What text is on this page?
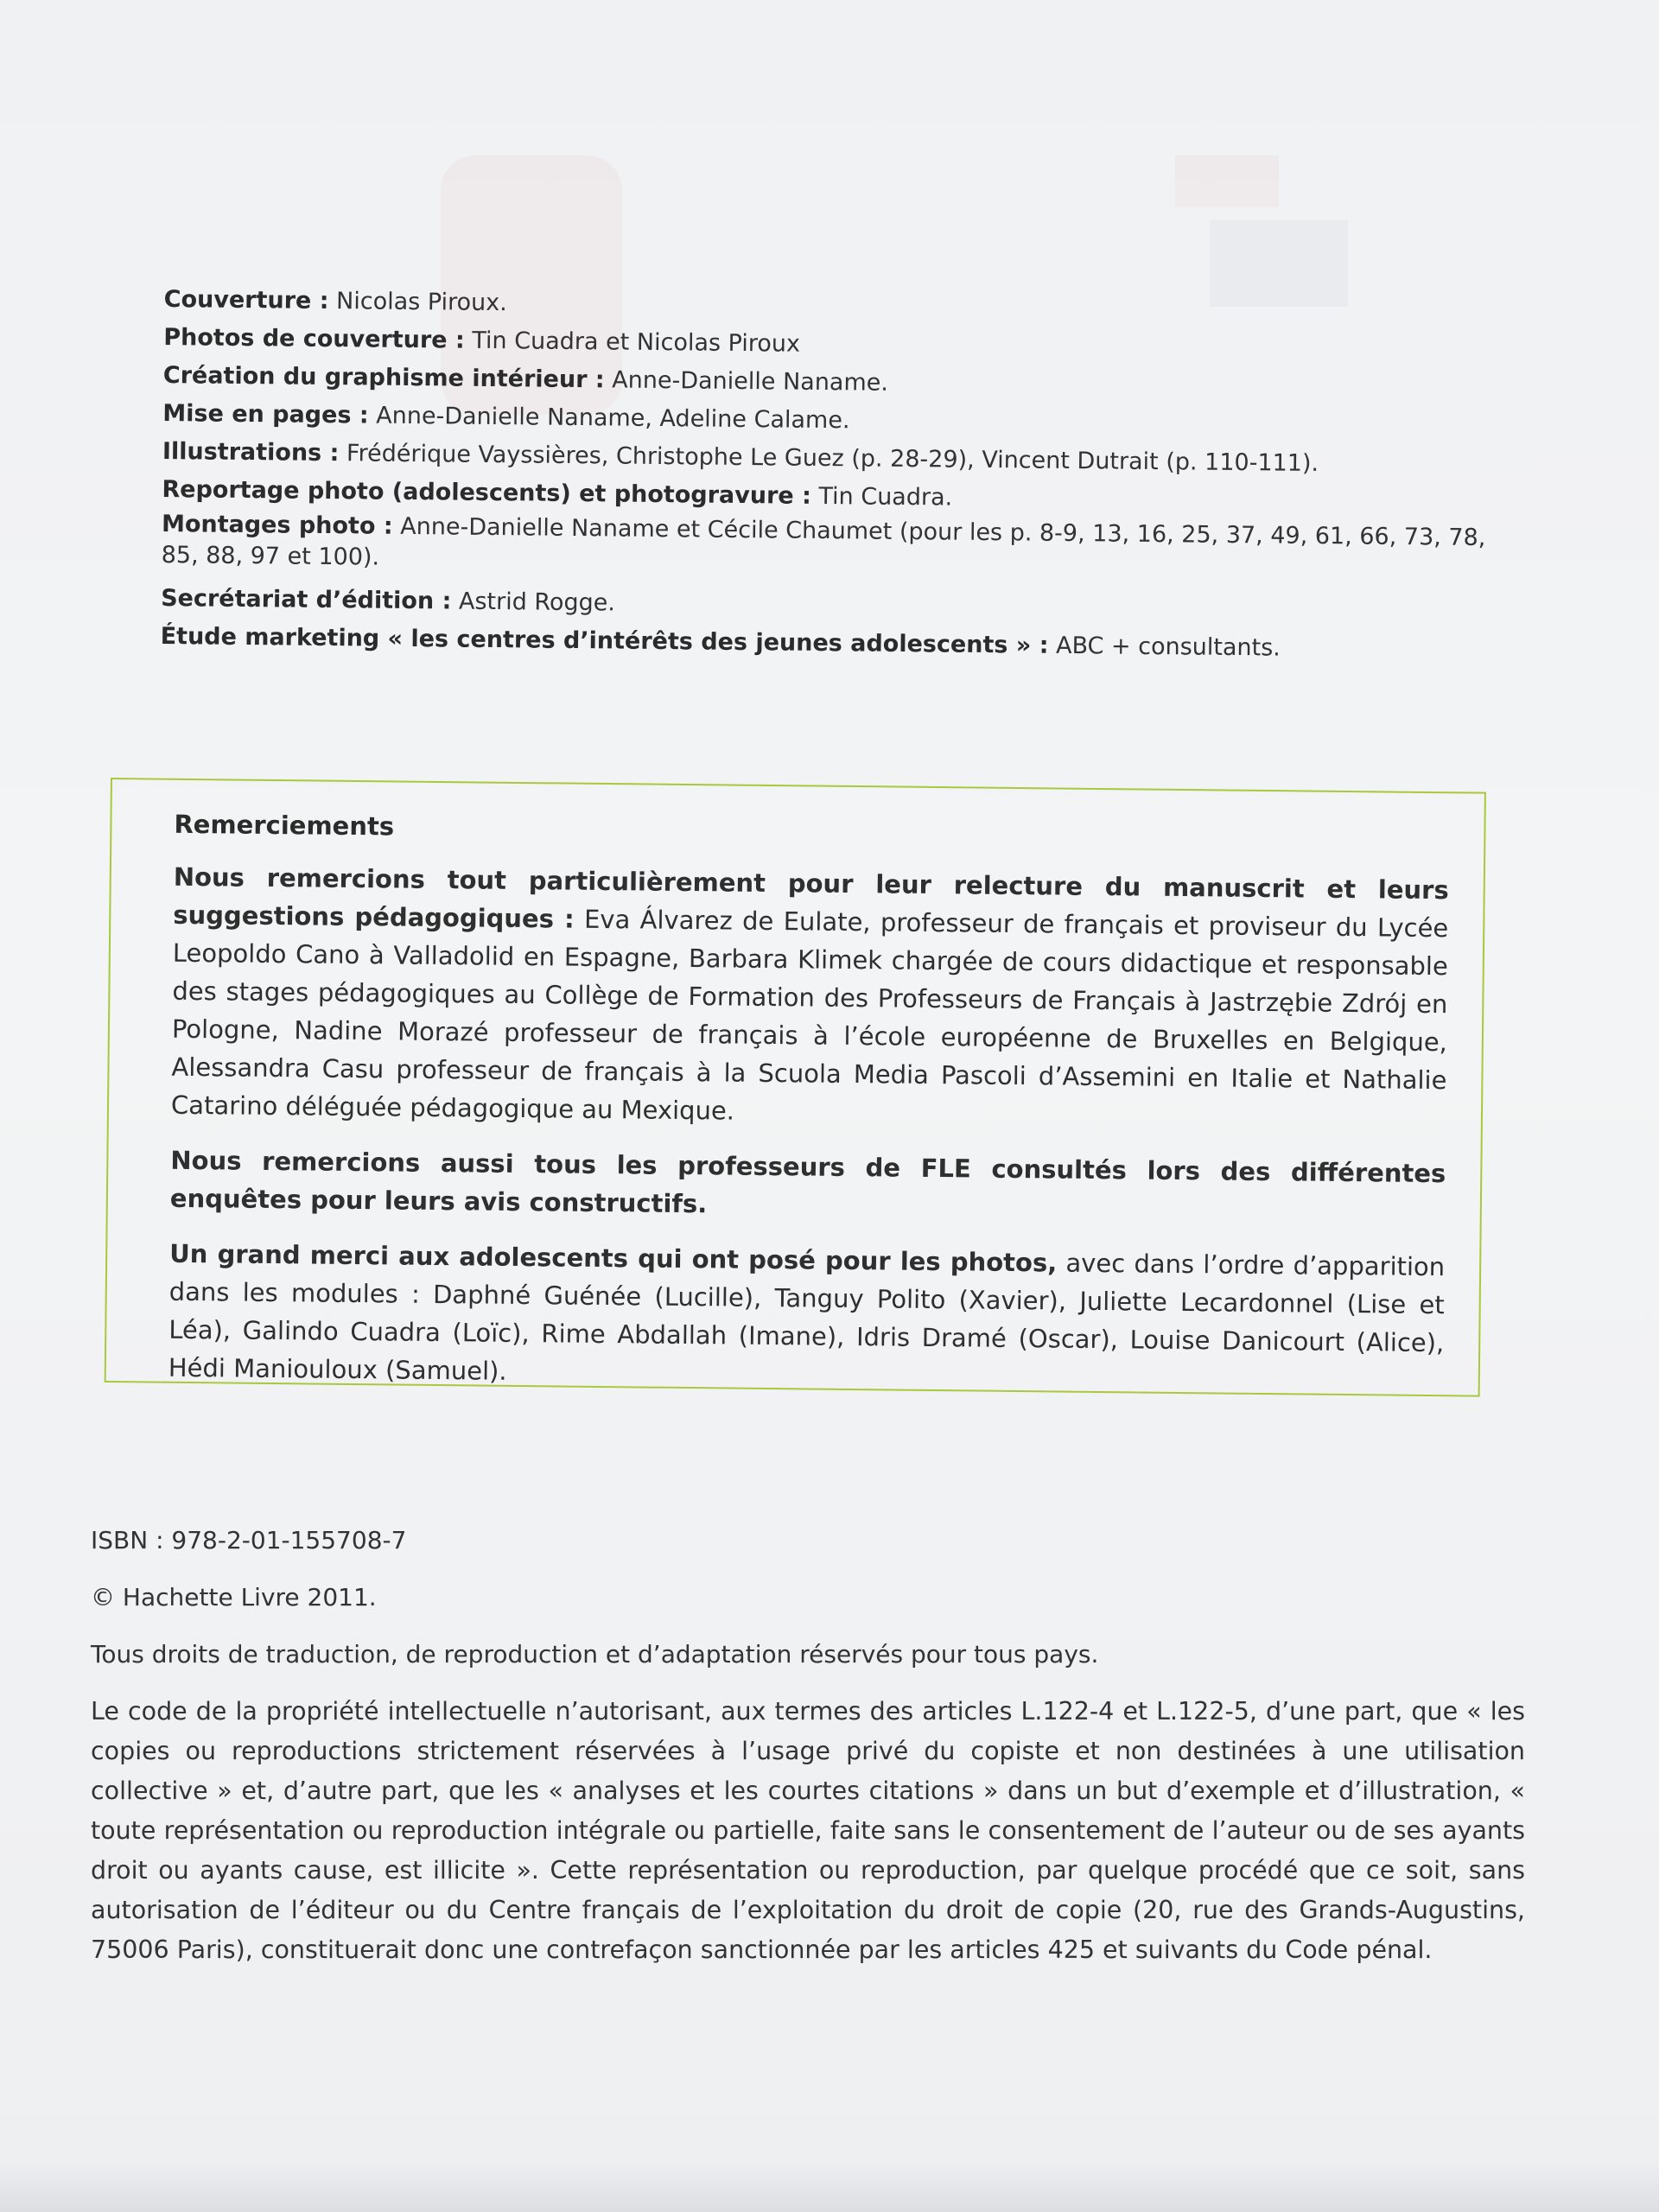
Couverture : Nicolas Piroux.
Photos de couverture : Tin Cuadra et Nicolas Piroux
Création du graphisme intérieur : Anne-Danielle Naname.
Mise en pages : Anne-Danielle Naname, Adeline Calame.
Illustrations : Frédérique Vayssières, Christophe Le Guez (p. 28-29), Vincent Dutrait (p. 110-111).
Reportage photo (adolescents) et photogravure : Tin Cuadra.
Montages photo : Anne-Danielle Naname et Cécile Chaumet (pour les p. 8-9, 13, 16, 25, 37, 49, 61, 66, 73, 78, 85, 88, 97 et 100).
Secrétariat d’édition : Astrid Rogge.
Étude marketing « les centres d’intérêts des jeunes adolescents » : ABC + consultants.
Remerciements

Nous remercions tout particulièrement pour leur relecture du manuscrit et leurs suggestions pédagogiques : Eva Álvarez de Eulate, professeur de français et proviseur du Lycée Leopoldo Cano à Valladolid en Espagne, Barbara Klimek chargée de cours didactique et responsable des stages pédagogiques au Collège de Formation des Professeurs de Français à Jastrzębie Zdrój en Pologne, Nadine Morazé professeur de français à l’école européenne de Bruxelles en Belgique, Alessandra Casu professeur de français à la Scuola Media Pascoli d’Assemini en Italie et Nathalie Catarino déléguée pédagogique au Mexique.

Nous remercions aussi tous les professeurs de FLE consultés lors des différentes enquêtes pour leurs avis constructifs.

Un grand merci aux adolescents qui ont posé pour les photos, avec dans l’ordre d’apparition dans les modules : Daphné Guénée (Lucille), Tanguy Polito (Xavier), Juliette Lecardonnel (Lise et Léa), Galindo Cuadra (Loïc), Rime Abdallah (Imane), Idris Dramé (Oscar), Louise Danicourt (Alice), Hédi Maniouloux (Samuel).

ISBN : 978-2-01-155708-7
© Hachette Livre 2011.
Tous droits de traduction, de reproduction et d’adaptation réservés pour tous pays.
Le code de la propriété intellectuelle n’autorisant, aux termes des articles L.122-4 et L.122-5, d’une part, que « les copies ou reproductions strictement réservées à l’usage privé du copiste et non destinées à une utilisation collective » et, d’autre part, que les « analyses et les courtes citations » dans un but d’exemple et d’illustration, « toute représentation ou reproduction intégrale ou partielle, faite sans le consentement de l’auteur ou de ses ayants droit ou ayants cause, est illicite ». Cette représentation ou reproduction, par quelque procédé que ce soit, sans autorisation de l’éditeur ou du Centre français de l’exploitation du droit de copie (20, rue des Grands-Augustins, 75006 Paris), constituerait donc une contrefaçon sanctionnée par les articles 425 et suivants du Code pénal.
